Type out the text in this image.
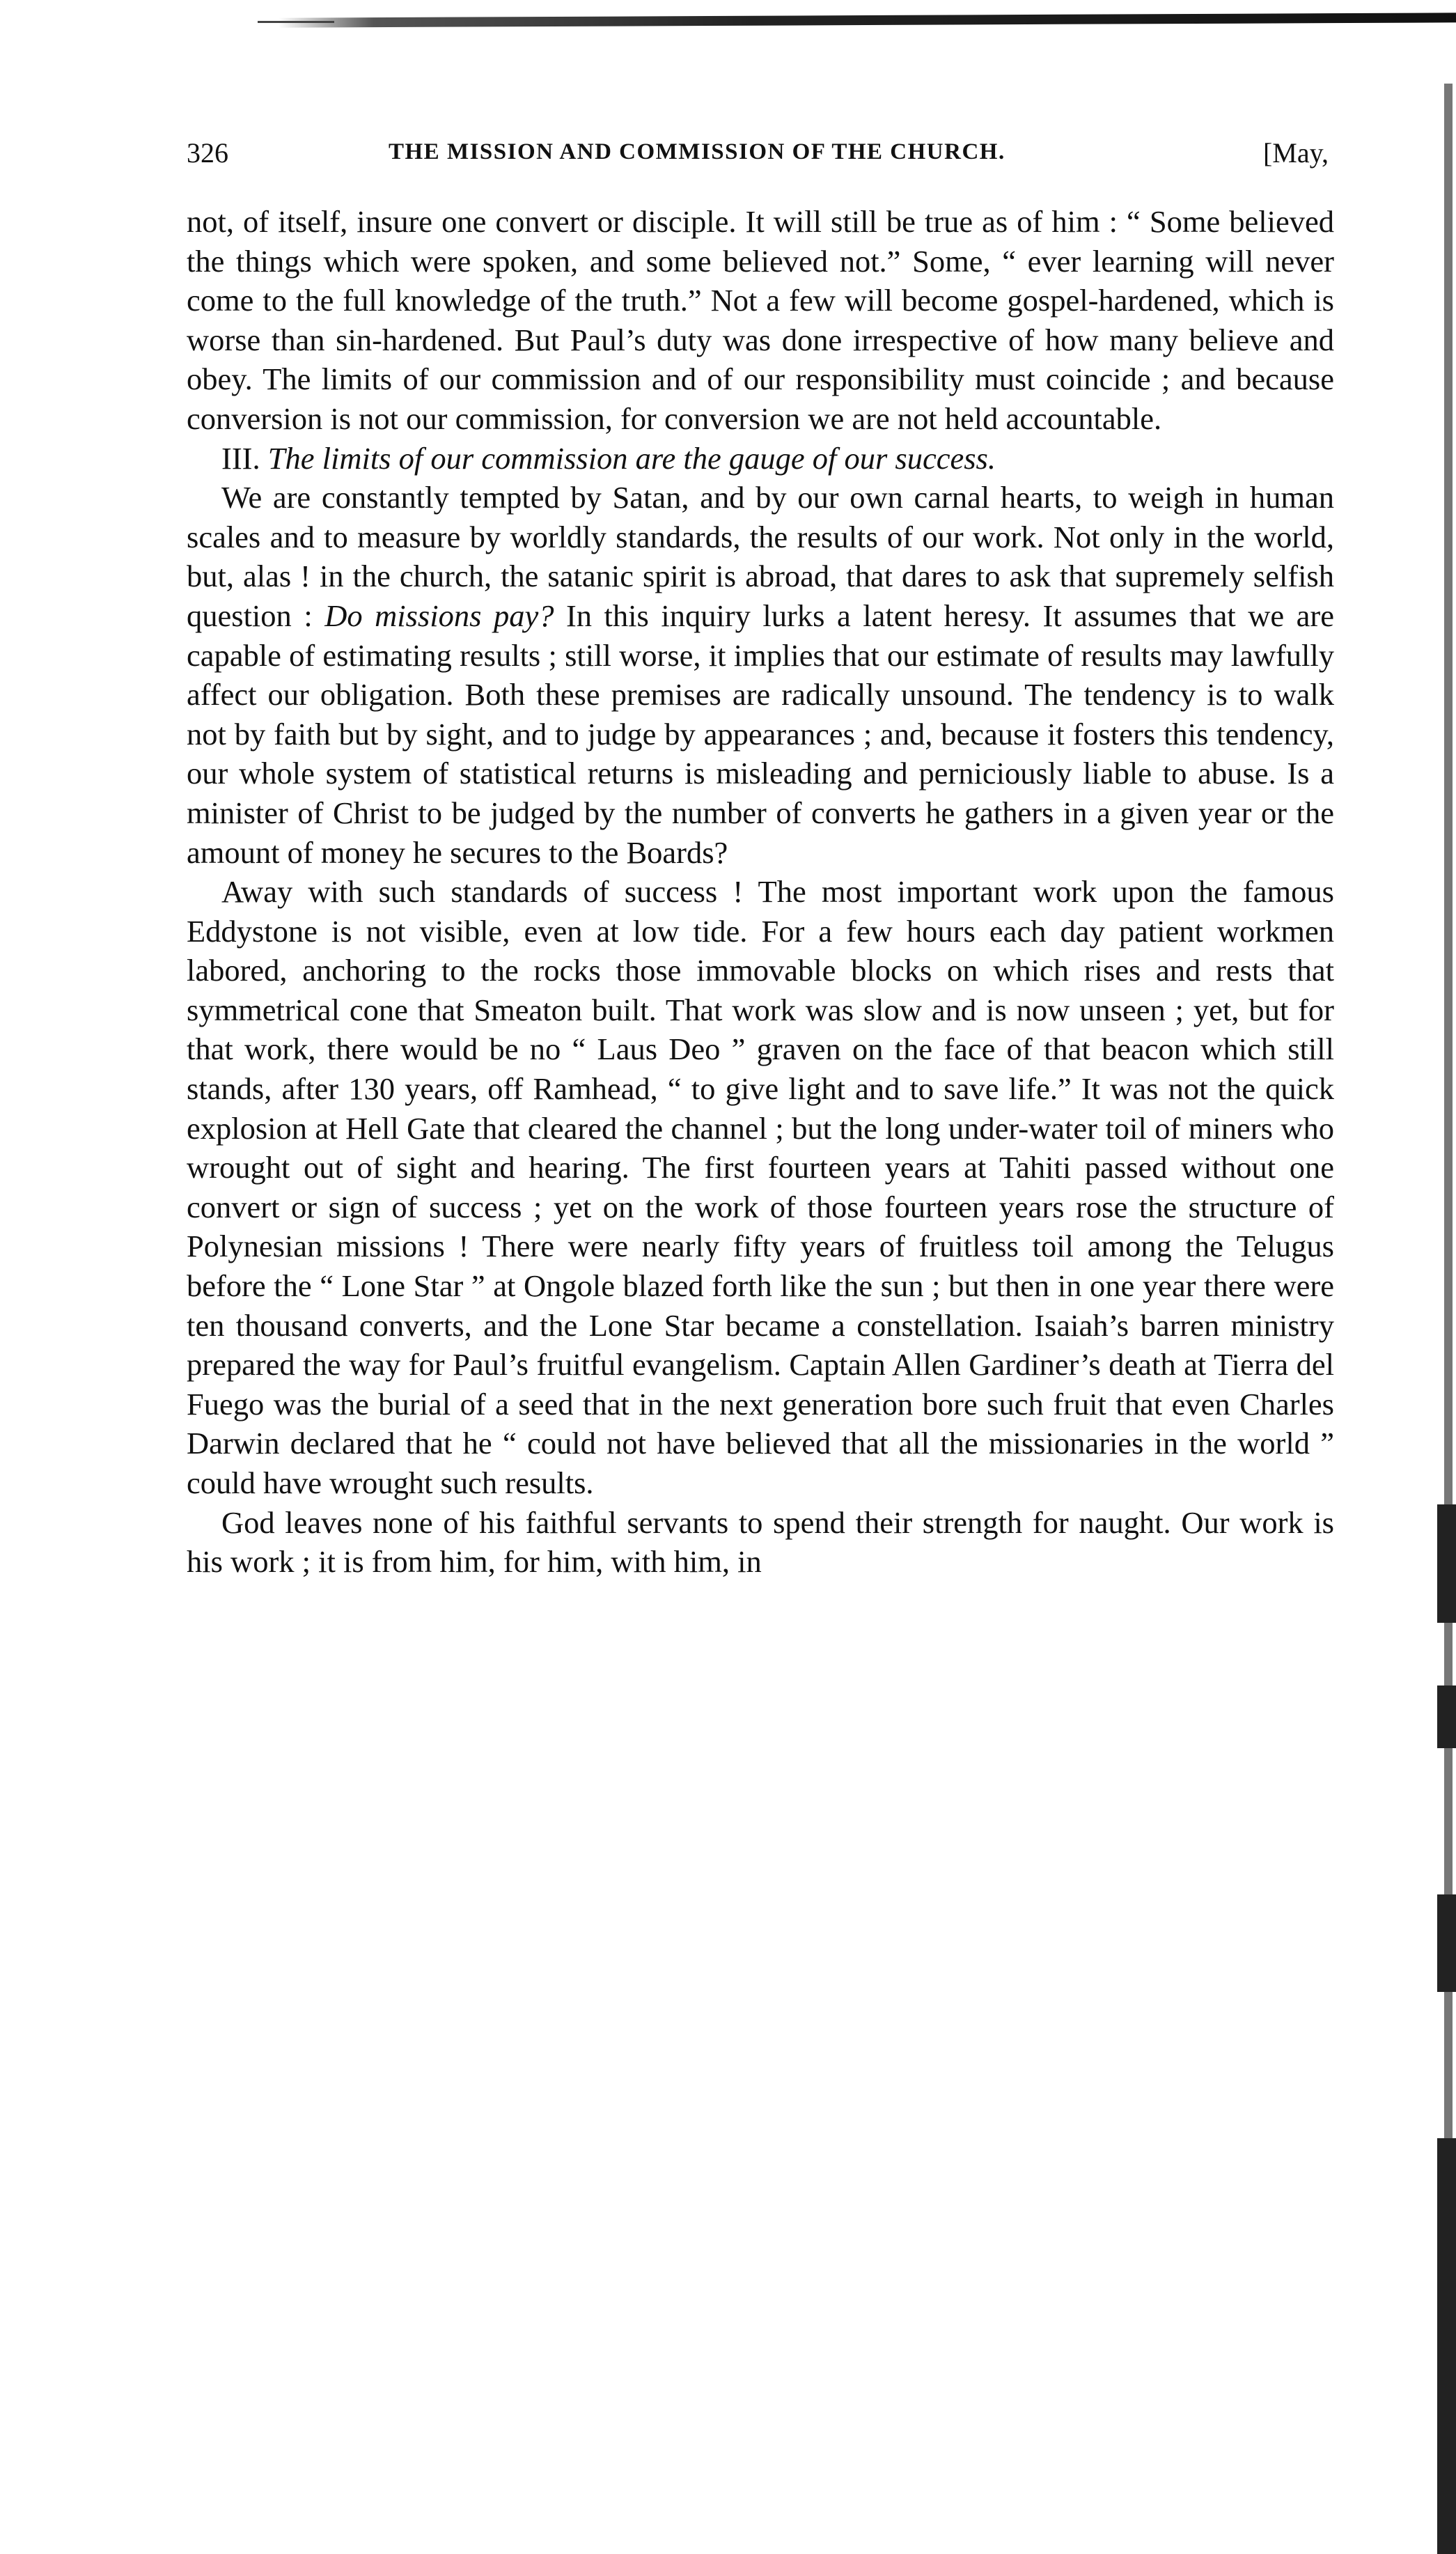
326	THE MISSION AND COMMISSION OF THE CHURCH.	[May,

not, of itself, insure one convert or disciple. It will still be true as of him : “ Some believed the things which were spoken, and some believed not.” Some, “ ever learning will never come to the full knowledge of the truth.” Not a few will become gospel-hardened, which is worse than sin-hardened. But Paul’s duty was done irrespective of how many believe and obey. The limits of our commission and of our responsibility must coincide ; and because conversion is not our commission, for conversion we are not held accountable.

III. The limits of our commission are the gauge of our success.

We are constantly tempted by Satan, and by our own carnal hearts, to weigh in human scales and to measure by worldly standards, the results of our work. Not only in the world, but, alas ! in the church, the satanic spirit is abroad, that dares to ask that supremely selfish question : Do missions pay? In this inquiry lurks a latent heresy. It assumes that we are capable of estimating results ; still worse, it implies that our estimate of results may lawfully affect our obligation. Both these premises are radically unsound. The tendency is to walk not by faith but by sight, and to judge by appearances ; and, because it fosters this tendency, our whole system of statistical returns is misleading and perniciously liable to abuse. Is a minister of Christ to be judged by the number of converts he gathers in a given year or the amount of money he secures to the Boards?

Away with such standards of success ! The most important work upon the famous Eddystone is not visible, even at low tide. For a few hours each day patient workmen labored, anchoring to the rocks those immovable blocks on which rises and rests that symmetrical cone that Smeaton built. That work was slow and is now unseen ; yet, but for that work, there would be no “ Laus Deo ” graven on the face of that beacon which still stands, after 130 years, off Ramhead, “ to give light and to save life.” It was not the quick explosion at Hell Gate that cleared the channel ; but the long under-water toil of miners who wrought out of sight and hearing. The first fourteen years at Tahiti passed without one convert or sign of success ; yet on the work of those fourteen years rose the structure of Polynesian missions ! There were nearly fifty years of fruitless toil among the Telugus before the “ Lone Star ” at Ongole blazed forth like the sun ; but then in one year there were ten thousand converts, and the Lone Star became a constellation. Isaiah’s barren ministry prepared the way for Paul’s fruitful evangelism. Captain Allen Gardiner’s death at Tierra del Fuego was the burial of a seed that in the next generation bore such fruit that even Charles Darwin declared that he “ could not have believed that all the missionaries in the world ” could have wrought such results.

God leaves none of his faithful servants to spend their strength for naught. Our work is his work ; it is from him, for him, with him, in
